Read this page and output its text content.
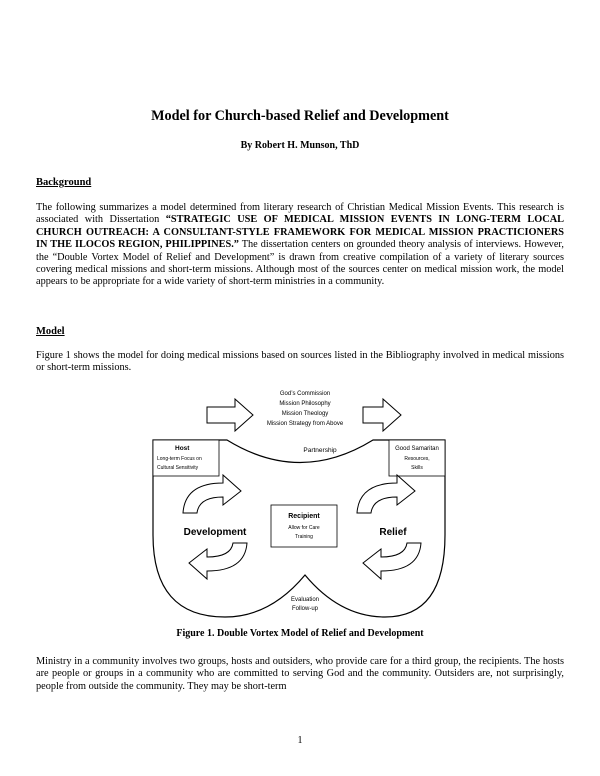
Model for Church-based Relief and Development
By Robert H. Munson, ThD
Background

The following summarizes a model determined from literary research of Christian Medical Mission Events. This research is associated with Dissertation “STRATEGIC USE OF MEDICAL MISSION EVENTS IN LONG-TERM LOCAL CHURCH OUTREACH: A CONSULTANT-STYLE FRAMEWORK FOR MEDICAL MISSION PRACTICIONERS IN THE ILOCOS REGION, PHILIPPINES.” The dissertation centers on grounded theory analysis of interviews. However, the “Double Vortex Model of Relief and Development” is drawn from creative compilation of a variety of literary sources covering medical missions and short-term missions. Although most of the sources center on medical mission work, the model appears to be appropriate for a wide variety of short-term ministries in a community.

Model

Figure 1 shows the model for doing medical missions based on sources listed in the Bibliography involved in medical missions or short-term missions.

God’s Commission
Mission Philosophy
Mission Theology
Mission Strategy from Above
Host
Long-term Focus on
Cultural Sensitivity
Partnership	Good Samaritan
Resources,
Skills
Development	Relief
Recipient
Allow for Care
Training
Evaluation
Follow-up
Figure 1. Double Vortex Model of Relief and Development

Ministry in a community involves two groups, hosts and outsiders, who provide care for a third group, the recipients. The hosts are people or groups in a community who are committed to serving God and the community. Outsiders are, not surprisingly, people from outside the community. They may be short-term

1
